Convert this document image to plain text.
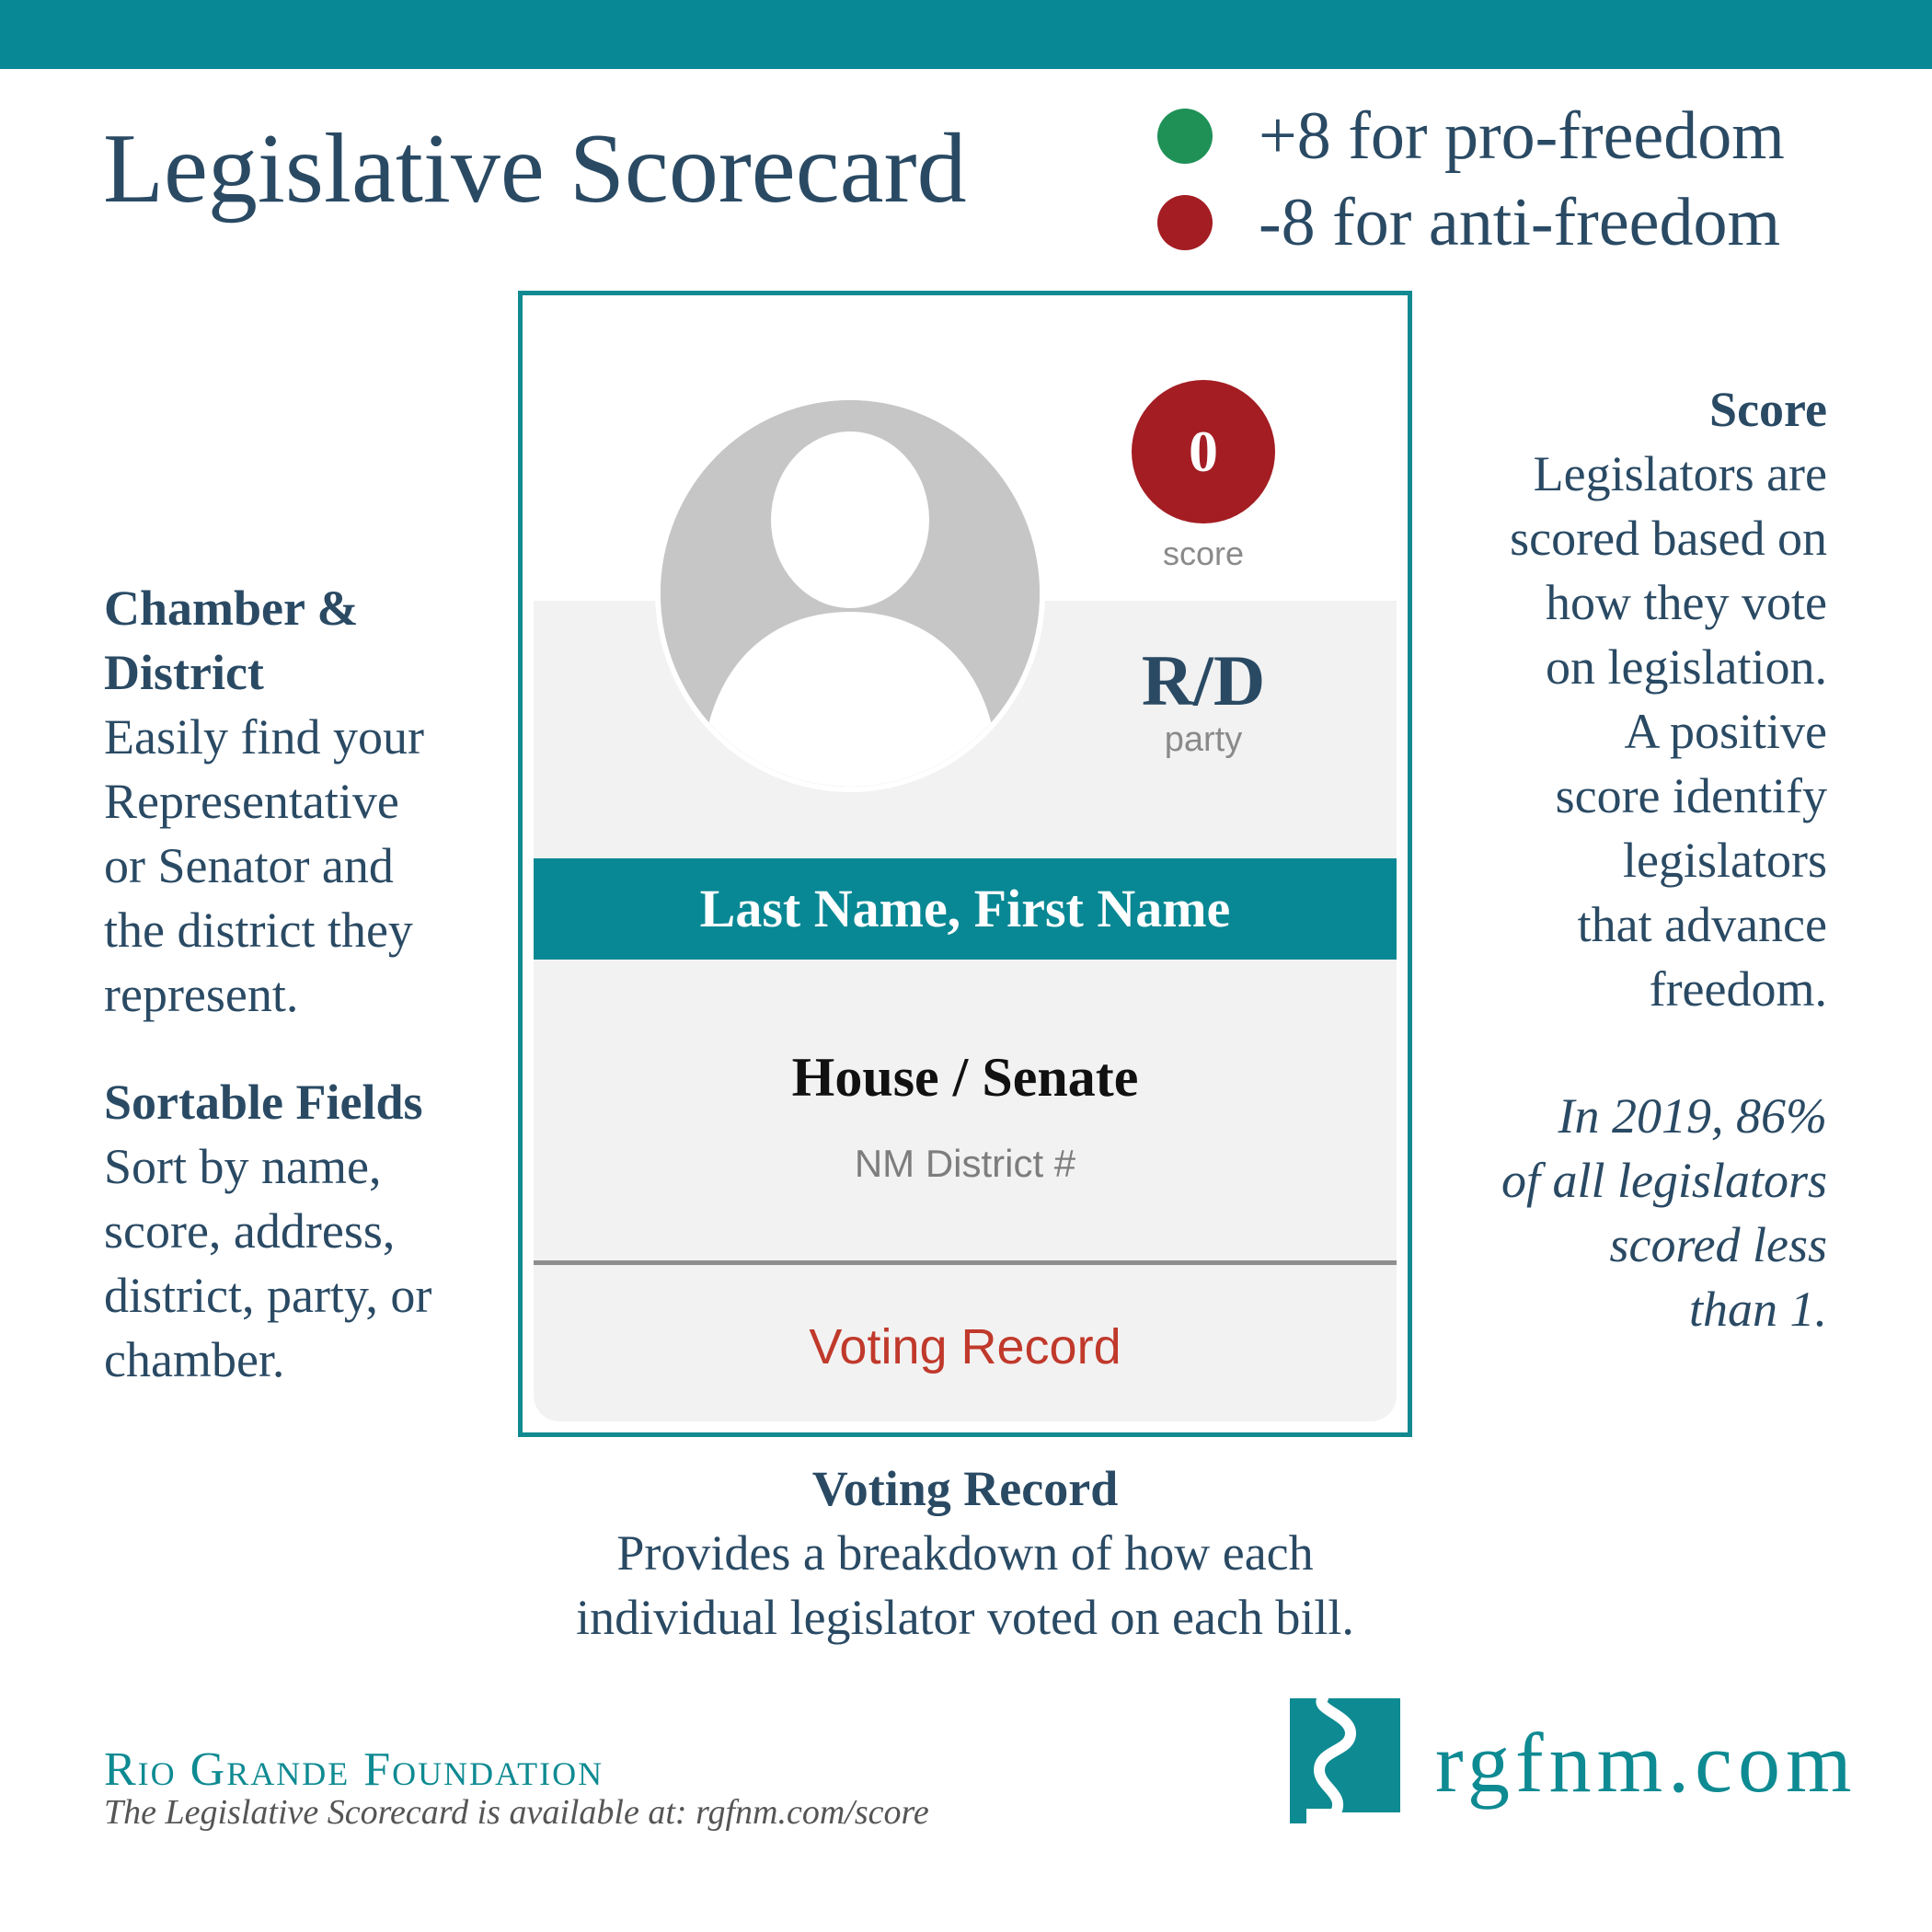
Legislative Scorecard	+8 for pro-freedom
-8 for anti-freedom
Chamber &
District
Easily find your
Representative
or Senator and
the district they
represent.
Sortable Fields
Sort by name,
score, address,
district, party, or
chamber.
0
score
R/D
party
Last Name, First Name
House / Senate
NM District #
Voting Record
Score
Legislators are
scored based on
how they vote
on legislation.
A positive
score identify
legislators
that advance
freedom.
In 2019, 86%
of all legislators
scored less
than 1.
Voting Record
Provides a breakdown of how each
individual legislator voted on each bill.
Rio Grande Foundation
The Legislative Scorecard is available at: rgfnm.com/score
rgfnm.com
